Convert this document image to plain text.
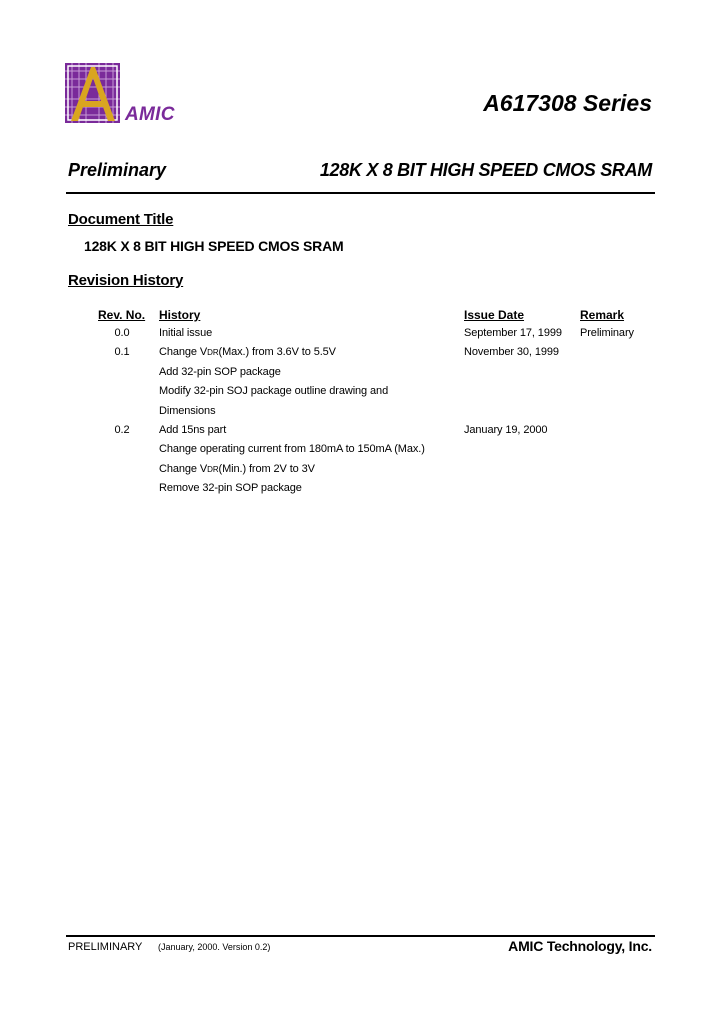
AMIC	A617308 Series
Preliminary	128K X 8 BIT HIGH SPEED CMOS SRAM
Document Title
128K X 8 BIT HIGH SPEED CMOS SRAM
Revision History
Rev. No. History	Issue Date	Remark
0.0	Initial issue	September 17, 1999 Preliminary
0.1	Change VDR(Max.) from 3.6V to 5.5V	November 30, 1999
Add 32-pin SOP package
Modify 32-pin SOJ package outline drawing and
Dimensions
0.2	Add 15ns part	January 19, 2000
Change operating current from 180mA to 150mA (Max.)
Change VDR(Min.) from 2V to 3V
Remove 32-pin SOP package
PRELIMINARY (January, 2000. Version 0.2)	AMIC Technology, Inc.
